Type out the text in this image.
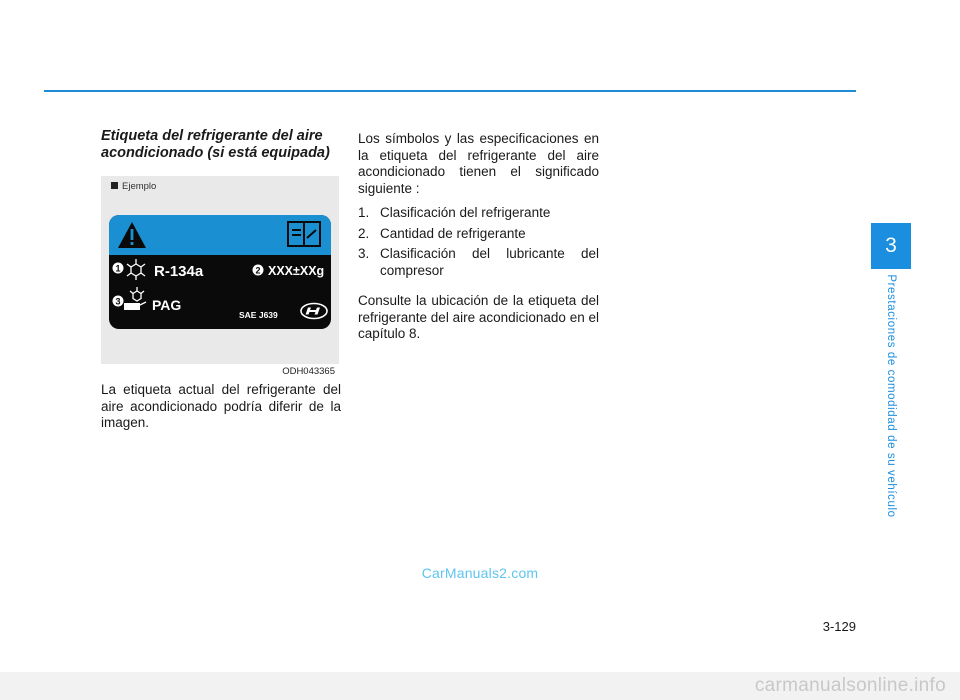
Etiqueta del refrigerante del aire
acondicionado (si está equipada)
Ejemplo
1 R-134a	2 XXX±XXg
3 PAG
SAE J639
ODH043365

La etiqueta actual del refrigerante del aire acondicionado podría diferir de la imagen.

Los símbolos y las especificaciones en la etiqueta del refrigerante del aire acondicionado tienen el significado siguiente :

1. Clasificación del refrigerante
2. Cantidad de refrigerante
3. Clasificación del lubricante del compresor

Consulte la ubicación de la etiqueta del refrigerante del aire acondicionado en el capítulo 8.

3
Prestaciones de comodidad de su vehículo
CarManuals2.com
3-129
carmanualsonline.info
